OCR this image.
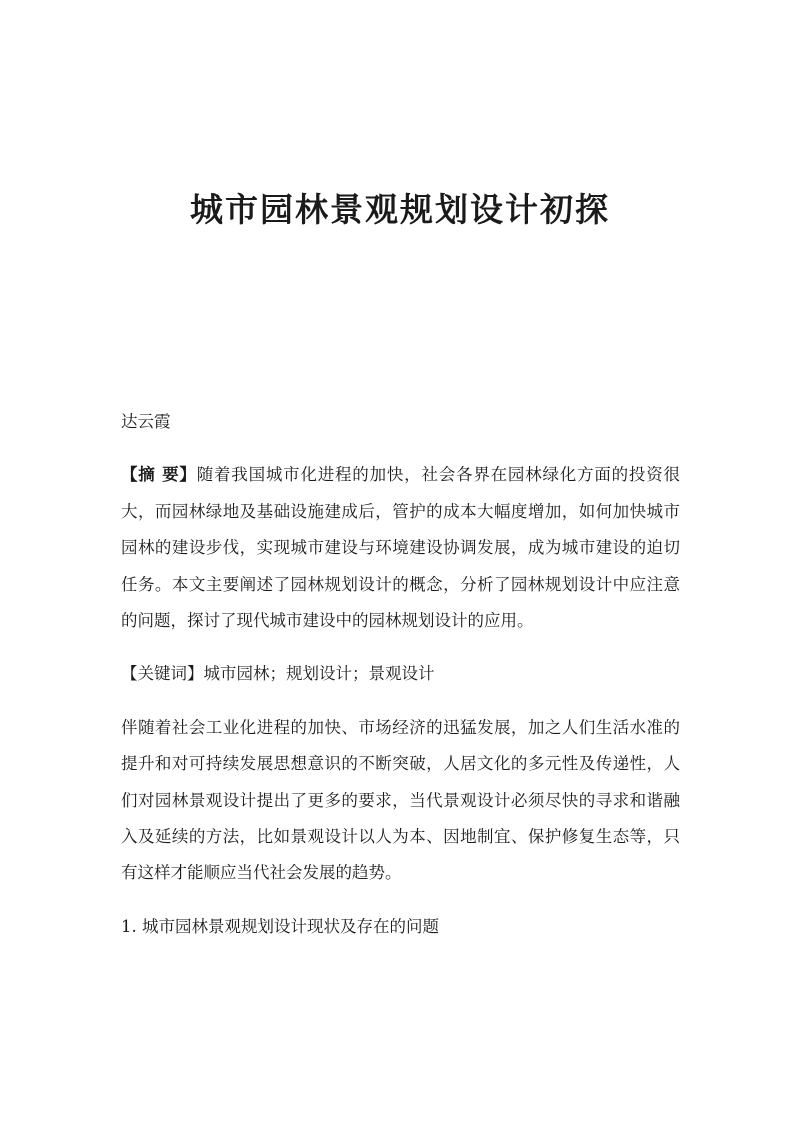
城市园林景观规划设计初探

达云霞

【摘 要】随着我国城市化进程的加快，社会各界在园林绿化方面的投资很大，而园林绿地及基础设施建成后，管护的成本大幅度增加，如何加快城市园林的建设步伐，实现城市建设与环境建设协调发展，成为城市建设的迫切任务。本文主要阐述了园林规划设计的概念，分析了园林规划设计中应注意的问题，探讨了现代城市建设中的园林规划设计的应用。

【关键词】城市园林；规划设计；景观设计

伴随着社会工业化进程的加快、市场经济的迅猛发展，加之人们生活水准的提升和对可持续发展思想意识的不断突破，人居文化的多元性及传递性，人们对园林景观设计提出了更多的要求，当代景观设计必须尽快的寻求和谐融入及延续的方法，比如景观设计以人为本、因地制宜、保护修复生态等，只有这样才能顺应当代社会发展的趋势。

1. 城市园林景观规划设计现状及存在的问题
